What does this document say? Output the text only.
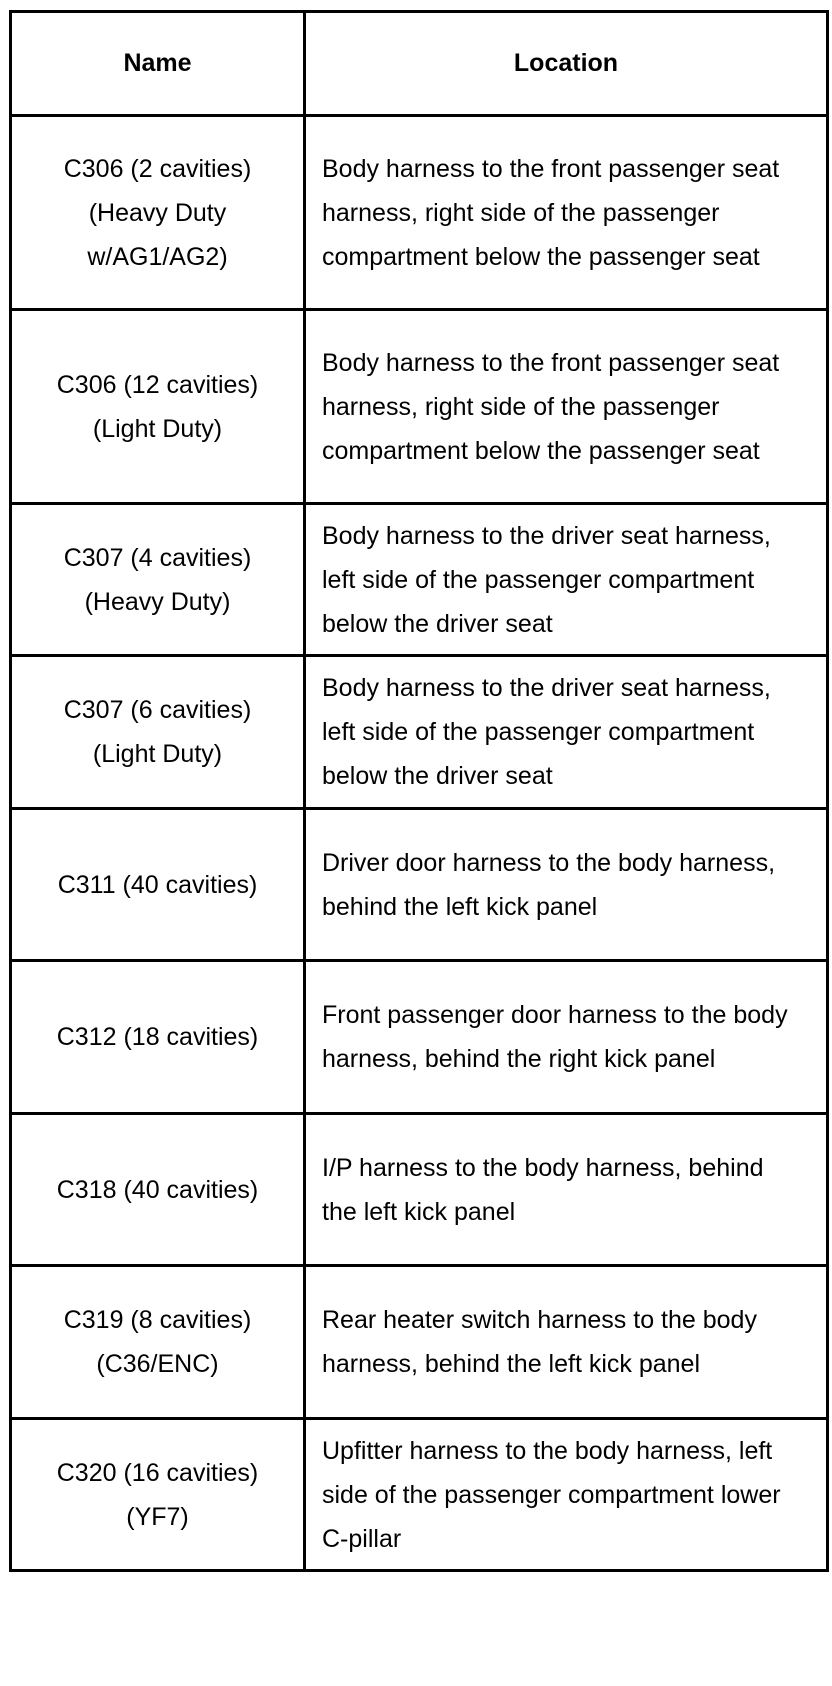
Name	Location
C306 (2 cavities)
(Heavy Duty
w/AG1/AG2)	Body harness to the front passenger seat harness, right side of the passenger compartment below the passenger seat
C306 (12 cavities)
(Light Duty)	Body harness to the front passenger seat harness, right side of the passenger compartment below the passenger seat
C307 (4 cavities)
(Heavy Duty)	Body harness to the driver seat harness, left side of the passenger compartment below the driver seat
C307 (6 cavities)
(Light Duty)	Body harness to the driver seat harness, left side of the passenger compartment below the driver seat
C311 (40 cavities)	Driver door harness to the body harness, behind the left kick panel
C312 (18 cavities)	Front passenger door harness to the body harness, behind the right kick panel
C318 (40 cavities)	I/P harness to the body harness, behind the left kick panel
C319 (8 cavities)
(C36/ENC)	Rear heater switch harness to the body harness, behind the left kick panel
C320 (16 cavities)
(YF7)	Upfitter harness to the body harness, left side of the passenger compartment lower C-pillar
